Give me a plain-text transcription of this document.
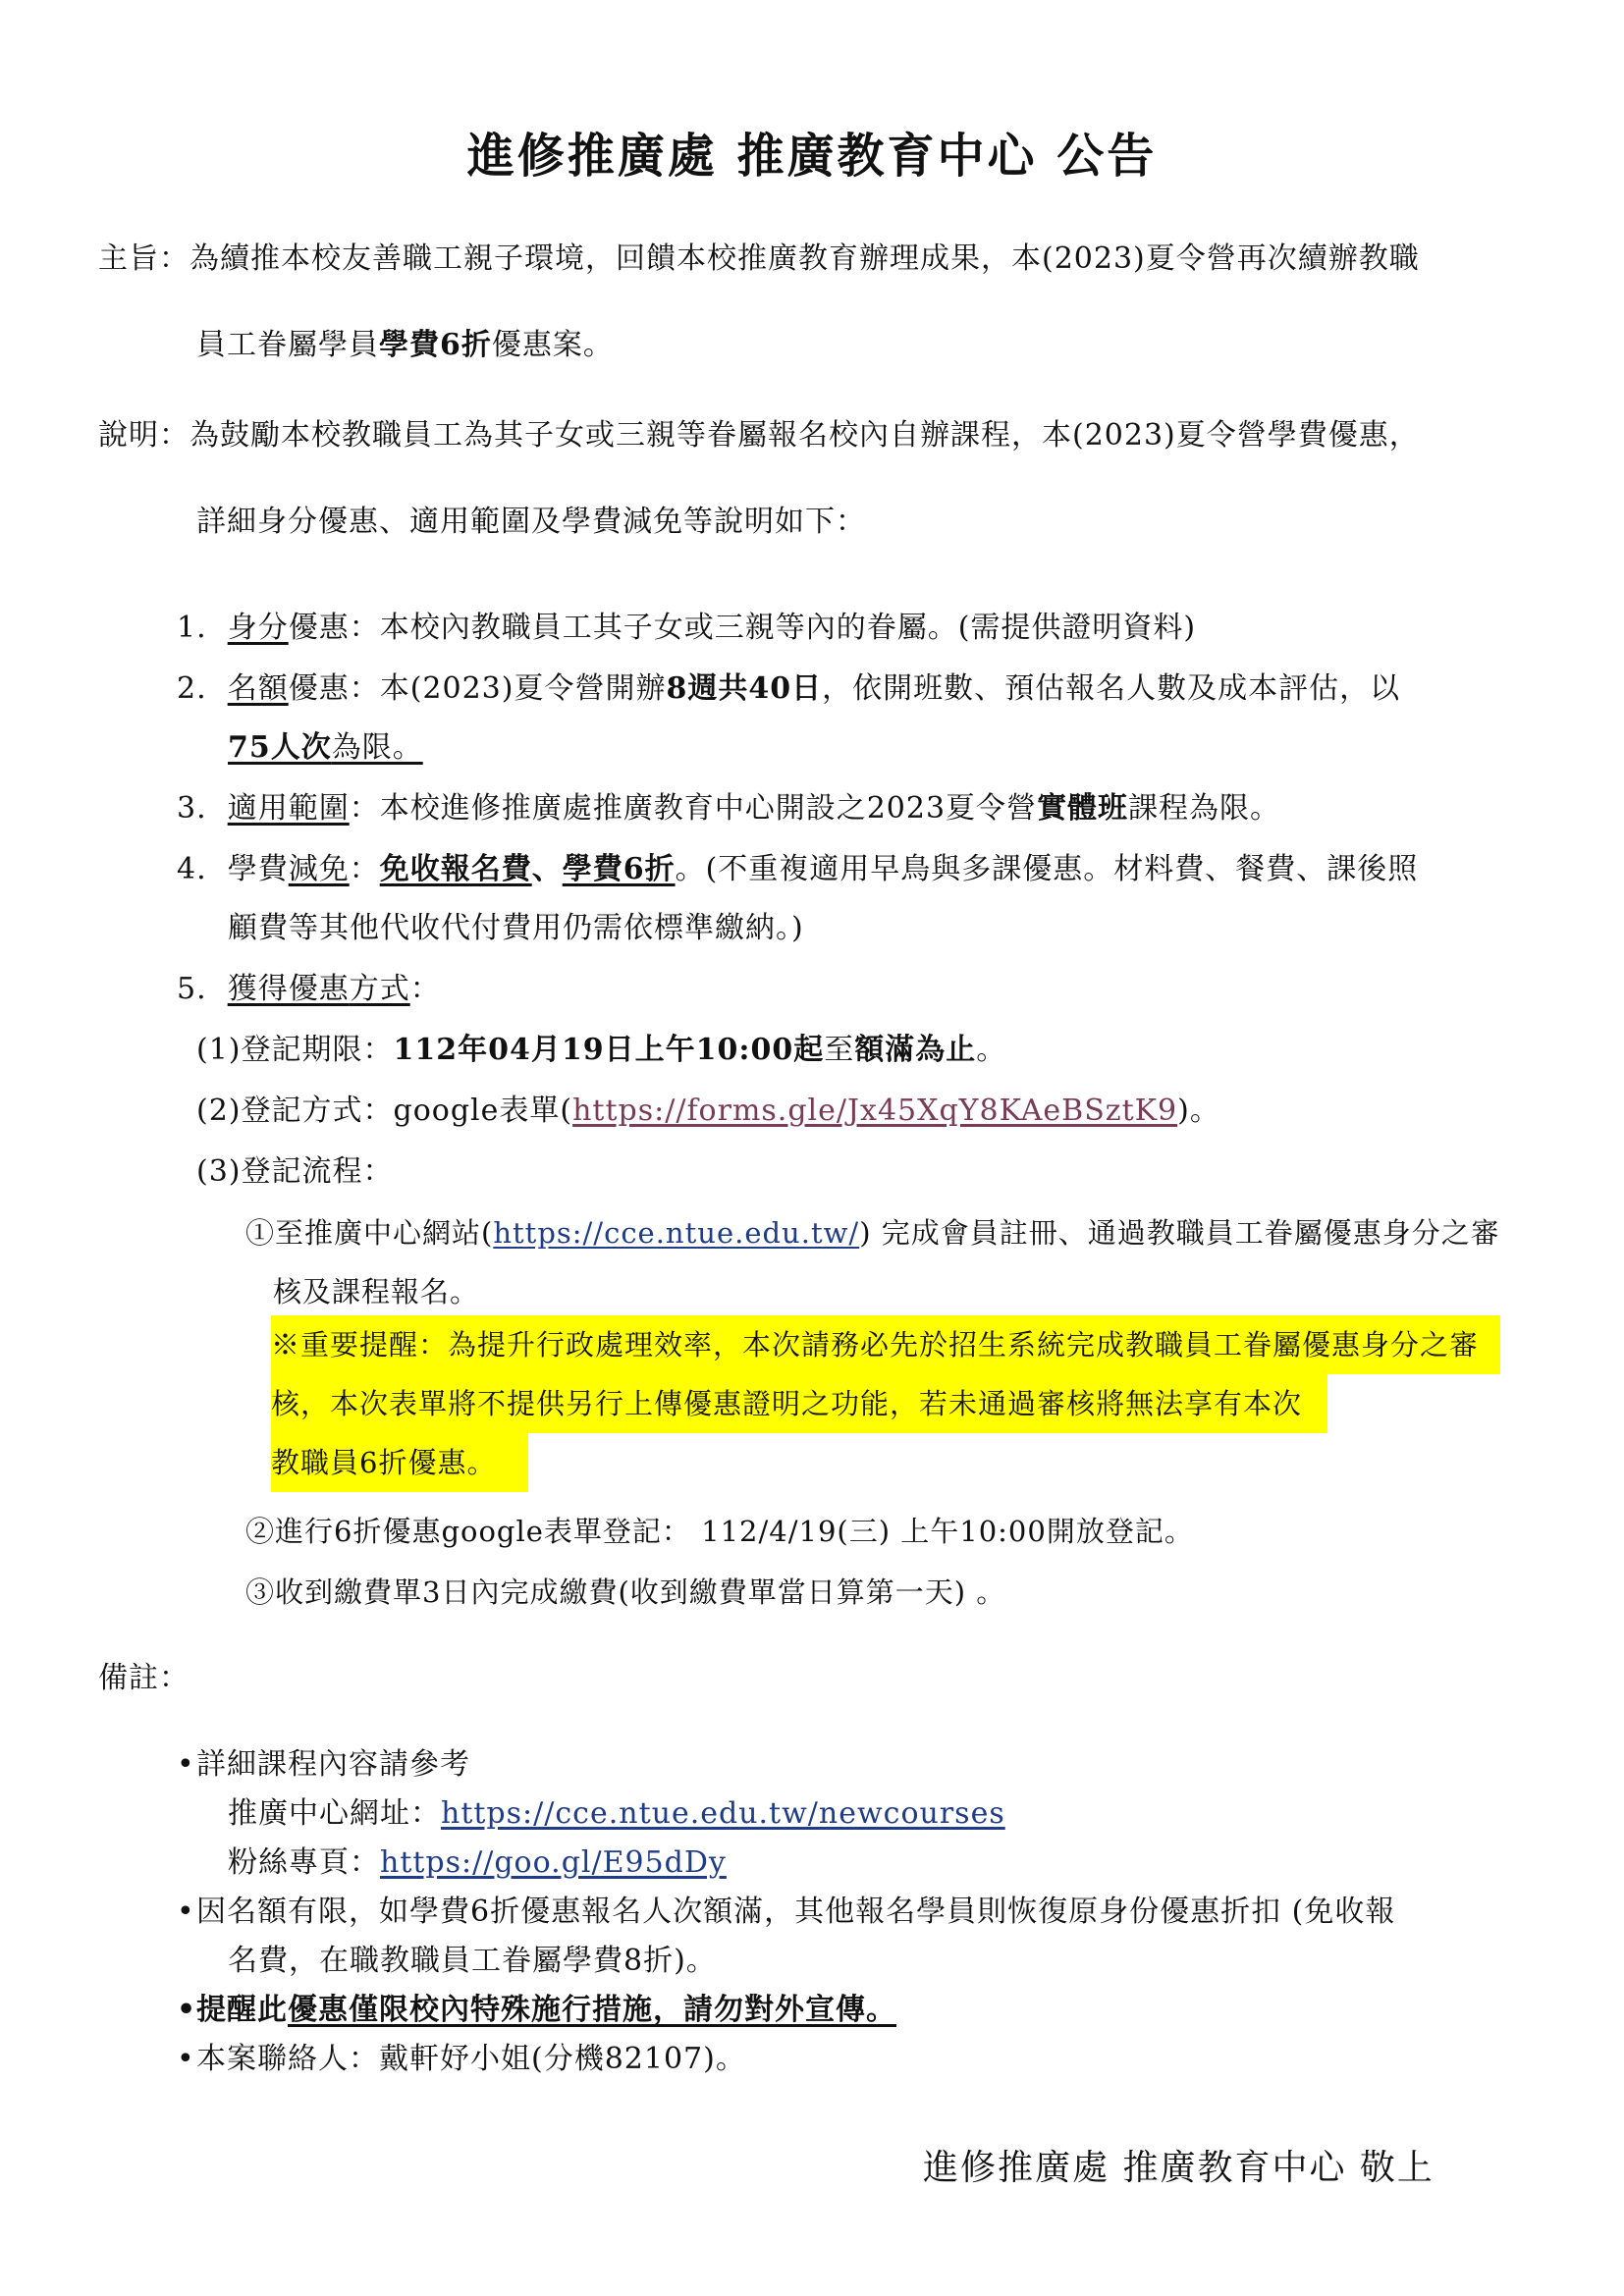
進修推廣處 推廣教育中心 公告
主旨：為續推本校友善職工親子環境，回饋本校推廣教育辦理成果，本(2023)夏令營再次續辦教職
員工眷屬學員學費6折優惠案。
說明：為鼓勵本校教職員工為其子女或三親等眷屬報名校內自辦課程，本(2023)夏令營學費優惠，
詳細身分優惠、適用範圍及學費減免等說明如下：
1. 身分優惠：本校內教職員工其子女或三親等內的眷屬。(需提供證明資料)
2. 名額優惠：本(2023)夏令營開辦8週共40日，依開班數、預估報名人數及成本評估，以
75人次為限。
3. 適用範圍：本校進修推廣處推廣教育中心開設之2023夏令營實體班課程為限。
4. 學費減免：免收報名費、學費6折。(不重複適用早鳥與多課優惠。材料費、餐費、課後照
顧費等其他代收代付費用仍需依標準繳納。)
5. 獲得優惠方式：
(1)登記期限：112年04月19日上午10:00起至額滿為止。
(2)登記方式：google表單(https://forms.gle/Jx45XqY8KAeBSztK9)。
(3)登記流程：
①至推廣中心網站(https://cce.ntue.edu.tw/) 完成會員註冊、通過教職員工眷屬優惠身分之審
核及課程報名。
※重要提醒：為提升行政處理效率，本次請務必先於招生系統完成教職員工眷屬優惠身分之審
核，本次表單將不提供另行上傳優惠證明之功能，若未通過審核將無法享有本次
教職員6折優惠。
②進行6折優惠google表單登記： 112/4/19(三) 上午10:00開放登記。
③收到繳費單3日內完成繳費(收到繳費單當日算第一天) 。
備註：
•詳細課程內容請參考
推廣中心網址：https://cce.ntue.edu.tw/newcourses
粉絲專頁：https://goo.gl/E95dDy
•因名額有限，如學費6折優惠報名人次額滿，其他報名學員則恢復原身份優惠折扣 (免收報
名費，在職教職員工眷屬學費8折)。
•提醒此優惠僅限校內特殊施行措施，請勿對外宣傳。
•本案聯絡人：戴軒妤小姐(分機82107)。
進修推廣處 推廣教育中心 敬上
